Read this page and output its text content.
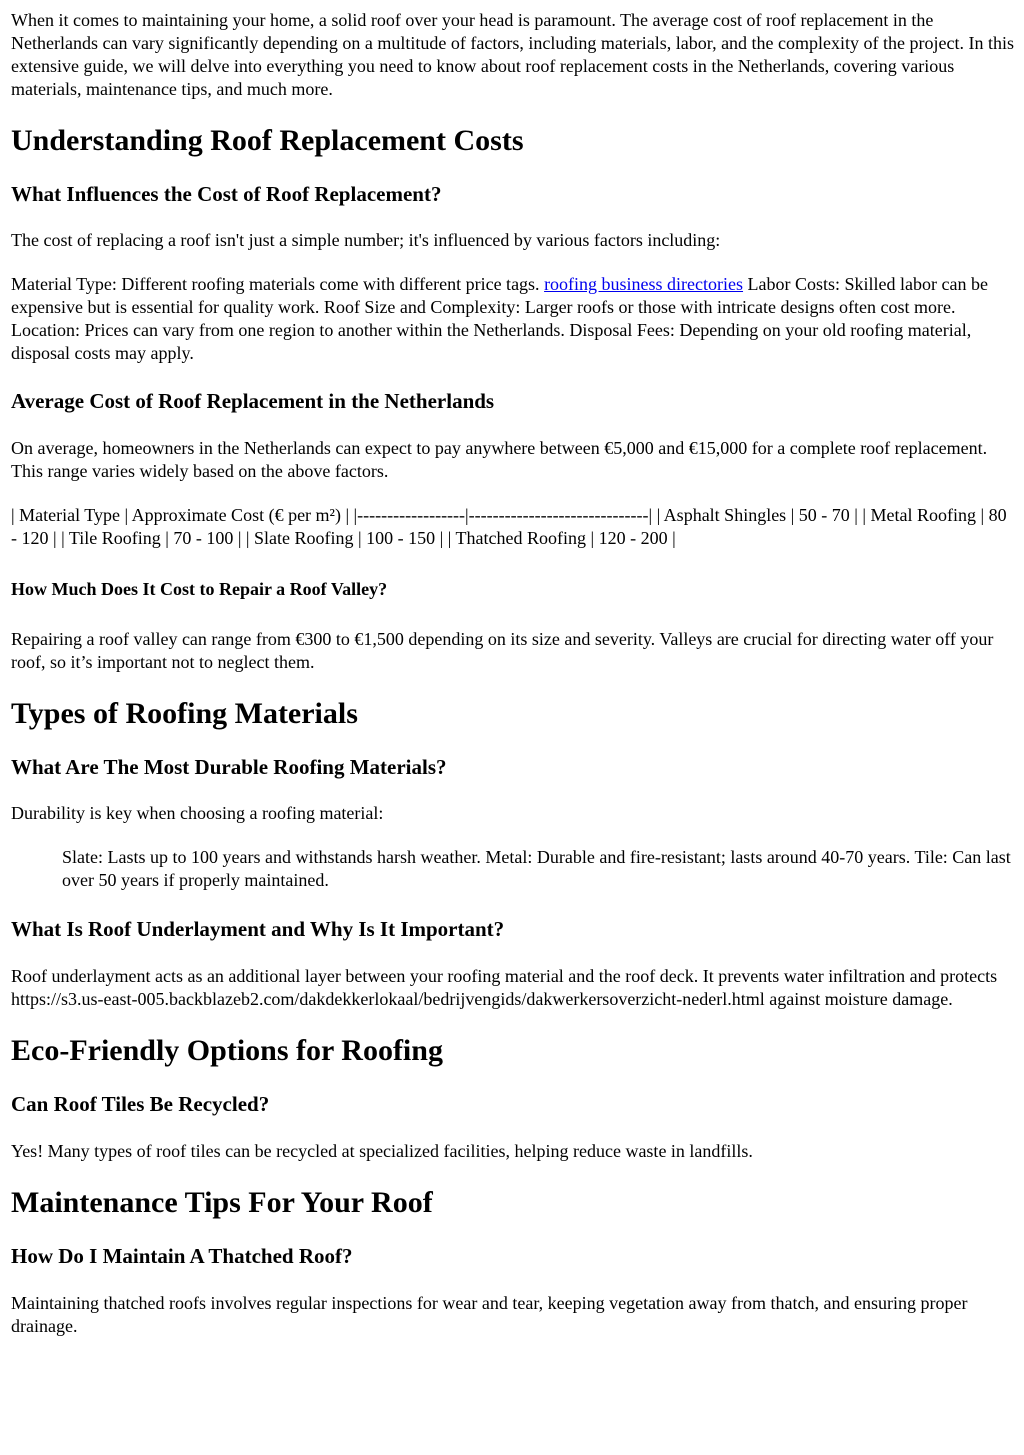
When it comes to maintaining your home, a solid roof over your head is paramount. The average cost of roof replacement in the Netherlands can vary significantly depending on a multitude of factors, including materials, labor, and the complexity of the project. In this extensive guide, we will delve into everything you need to know about roof replacement costs in the Netherlands, covering various materials, maintenance tips, and much more.

Understanding Roof Replacement Costs
What Influences the Cost of Roof Replacement?

The cost of replacing a roof isn't just a simple number; it's influenced by various factors including:

Material Type: Different roofing materials come with different price tags. roofing business directories Labor Costs: Skilled labor can be expensive but is essential for quality work. Roof Size and Complexity: Larger roofs or those with intricate designs often cost more. Location: Prices can vary from one region to another within the Netherlands. Disposal Fees: Depending on your old roofing material, disposal costs may apply.

Average Cost of Roof Replacement in the Netherlands

On average, homeowners in the Netherlands can expect to pay anywhere between €5,000 and €15,000 for a complete roof replacement. This range varies widely based on the above factors.

| Material Type | Approximate Cost (€ per m²) | |------------------|------------------------------| | Asphalt Shingles | 50 - 70 | | Metal Roofing | 80 - 120 | | Tile Roofing | 70 - 100 | | Slate Roofing | 100 - 150 | | Thatched Roofing | 120 - 200 |

How Much Does It Cost to Repair a Roof Valley?

Repairing a roof valley can range from €300 to €1,500 depending on its size and severity. Valleys are crucial for directing water off your roof, so it’s important not to neglect them.

Types of Roofing Materials
What Are The Most Durable Roofing Materials?

Durability is key when choosing a roofing material:

Slate: Lasts up to 100 years and withstands harsh weather. Metal: Durable and fire-resistant; lasts around 40-70 years. Tile: Can last over 50 years if properly maintained.

What Is Roof Underlayment and Why Is It Important?

Roof underlayment acts as an additional layer between your roofing material and the roof deck. It prevents water infiltration and protects https://s3.us-east-005.backblazeb2.com/dakdekkerlokaal/bedrijvengids/dakwerkersoverzicht-nederl.html against moisture damage.

Eco-Friendly Options for Roofing
Can Roof Tiles Be Recycled?

Yes! Many types of roof tiles can be recycled at specialized facilities, helping reduce waste in landfills.

Maintenance Tips For Your Roof
How Do I Maintain A Thatched Roof?

Maintaining thatched roofs involves regular inspections for wear and tear, keeping vegetation away from thatch, and ensuring proper drainage.
